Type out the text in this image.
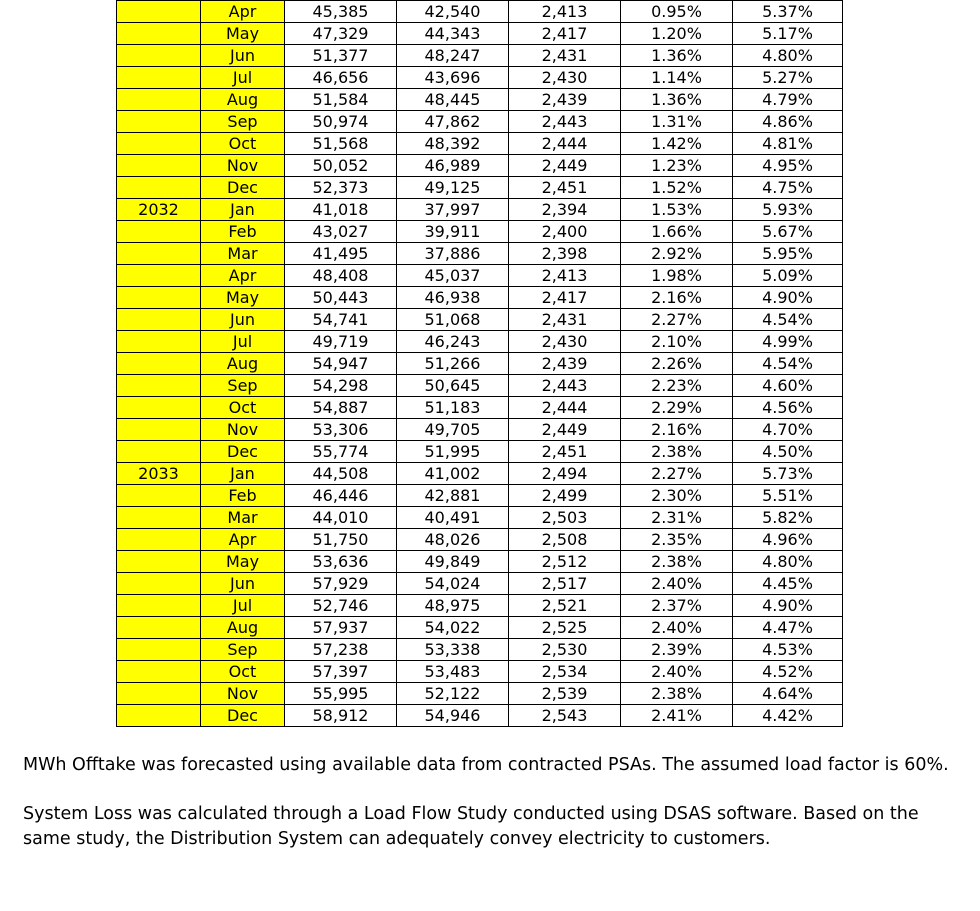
	Apr	45,385	42,540	2,413	0.95%	5.37%
	May	47,329	44,343	2,417	1.20%	5.17%
	Jun	51,377	48,247	2,431	1.36%	4.80%
	Jul	46,656	43,696	2,430	1.14%	5.27%
	Aug	51,584	48,445	2,439	1.36%	4.79%
	Sep	50,974	47,862	2,443	1.31%	4.86%
	Oct	51,568	48,392	2,444	1.42%	4.81%
	Nov	50,052	46,989	2,449	1.23%	4.95%
	Dec	52,373	49,125	2,451	1.52%	4.75%
2032	Jan	41,018	37,997	2,394	1.53%	5.93%
	Feb	43,027	39,911	2,400	1.66%	5.67%
	Mar	41,495	37,886	2,398	2.92%	5.95%
	Apr	48,408	45,037	2,413	1.98%	5.09%
	May	50,443	46,938	2,417	2.16%	4.90%
	Jun	54,741	51,068	2,431	2.27%	4.54%
	Jul	49,719	46,243	2,430	2.10%	4.99%
	Aug	54,947	51,266	2,439	2.26%	4.54%
	Sep	54,298	50,645	2,443	2.23%	4.60%
	Oct	54,887	51,183	2,444	2.29%	4.56%
	Nov	53,306	49,705	2,449	2.16%	4.70%
	Dec	55,774	51,995	2,451	2.38%	4.50%
2033	Jan	44,508	41,002	2,494	2.27%	5.73%
	Feb	46,446	42,881	2,499	2.30%	5.51%
	Mar	44,010	40,491	2,503	2.31%	5.82%
	Apr	51,750	48,026	2,508	2.35%	4.96%
	May	53,636	49,849	2,512	2.38%	4.80%
	Jun	57,929	54,024	2,517	2.40%	4.45%
	Jul	52,746	48,975	2,521	2.37%	4.90%
	Aug	57,937	54,022	2,525	2.40%	4.47%
	Sep	57,238	53,338	2,530	2.39%	4.53%
	Oct	57,397	53,483	2,534	2.40%	4.52%
	Nov	55,995	52,122	2,539	2.38%	4.64%
	Dec	58,912	54,946	2,543	2.41%	4.42%

MWh Offtake was forecasted using available data from contracted PSAs. The assumed load factor is 60%.

System Loss was calculated through a Load Flow Study conducted using DSAS software. Based on the same study, the Distribution System can adequately convey electricity to customers.
